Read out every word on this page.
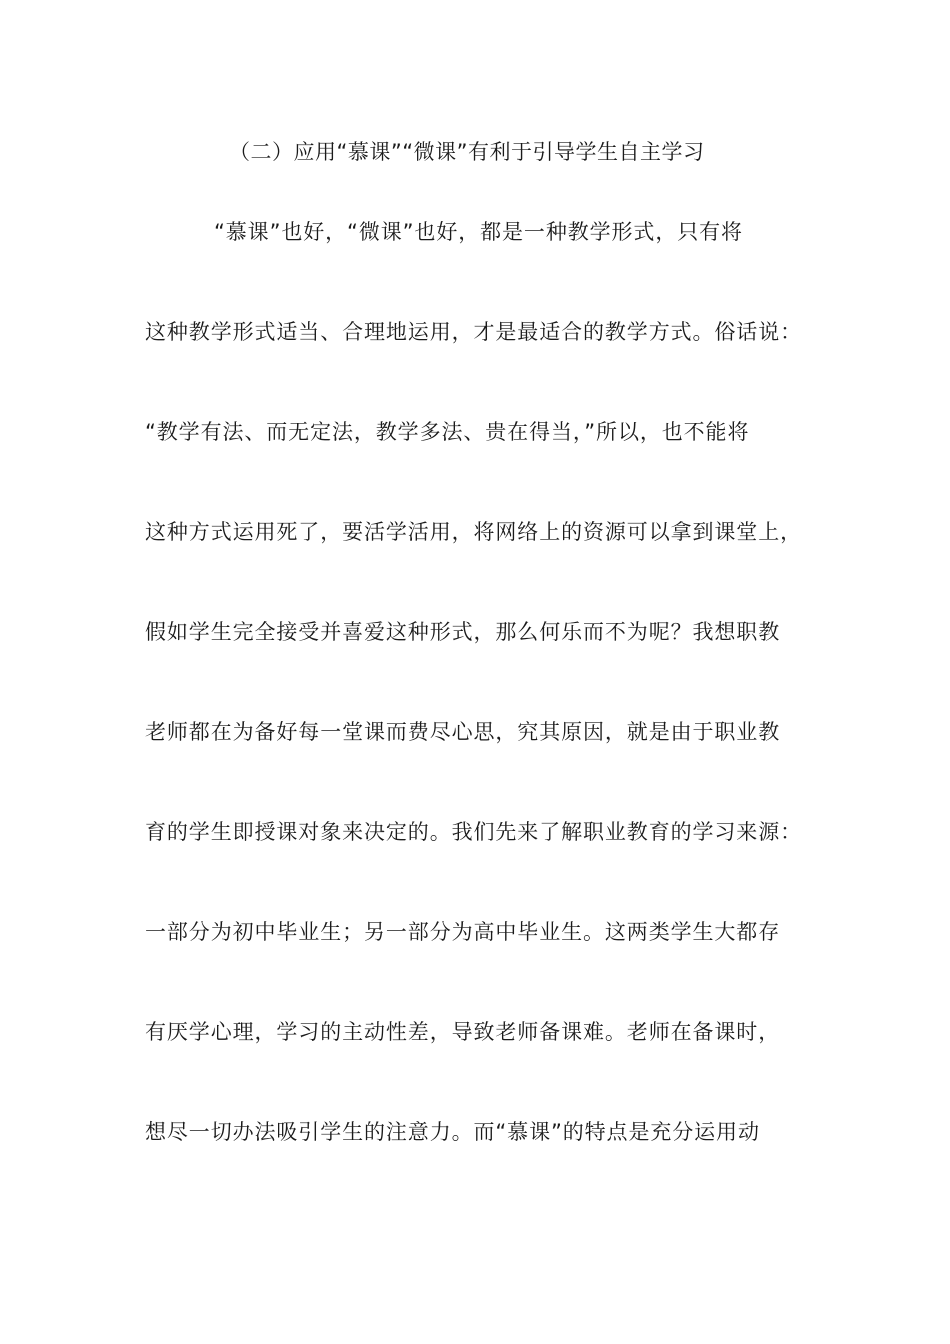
（二）应用“慕课”“微课”有利于引导学生自主学习
“慕课”也好，“微课”也好，都是一种教学形式，只有将
这种教学形式适当、合理地运用，才是最适合的教学方式。俗话说：
“教学有法、而无定法，教学多法、贵在得当，”所以，也不能将
这种方式运用死了，要活学活用，将网络上的资源可以拿到课堂上，
假如学生完全接受并喜爱这种形式，那么何乐而不为呢？我想职教
老师都在为备好每一堂课而费尽心思，究其原因，就是由于职业教
育的学生即授课对象来决定的。我们先来了解职业教育的学习来源：
一部分为初中毕业生；另一部分为高中毕业生。这两类学生大都存
有厌学心理，学习的主动性差，导致老师备课难。老师在备课时，
想尽一切办法吸引学生的注意力。而“慕课”的特点是充分运用动
